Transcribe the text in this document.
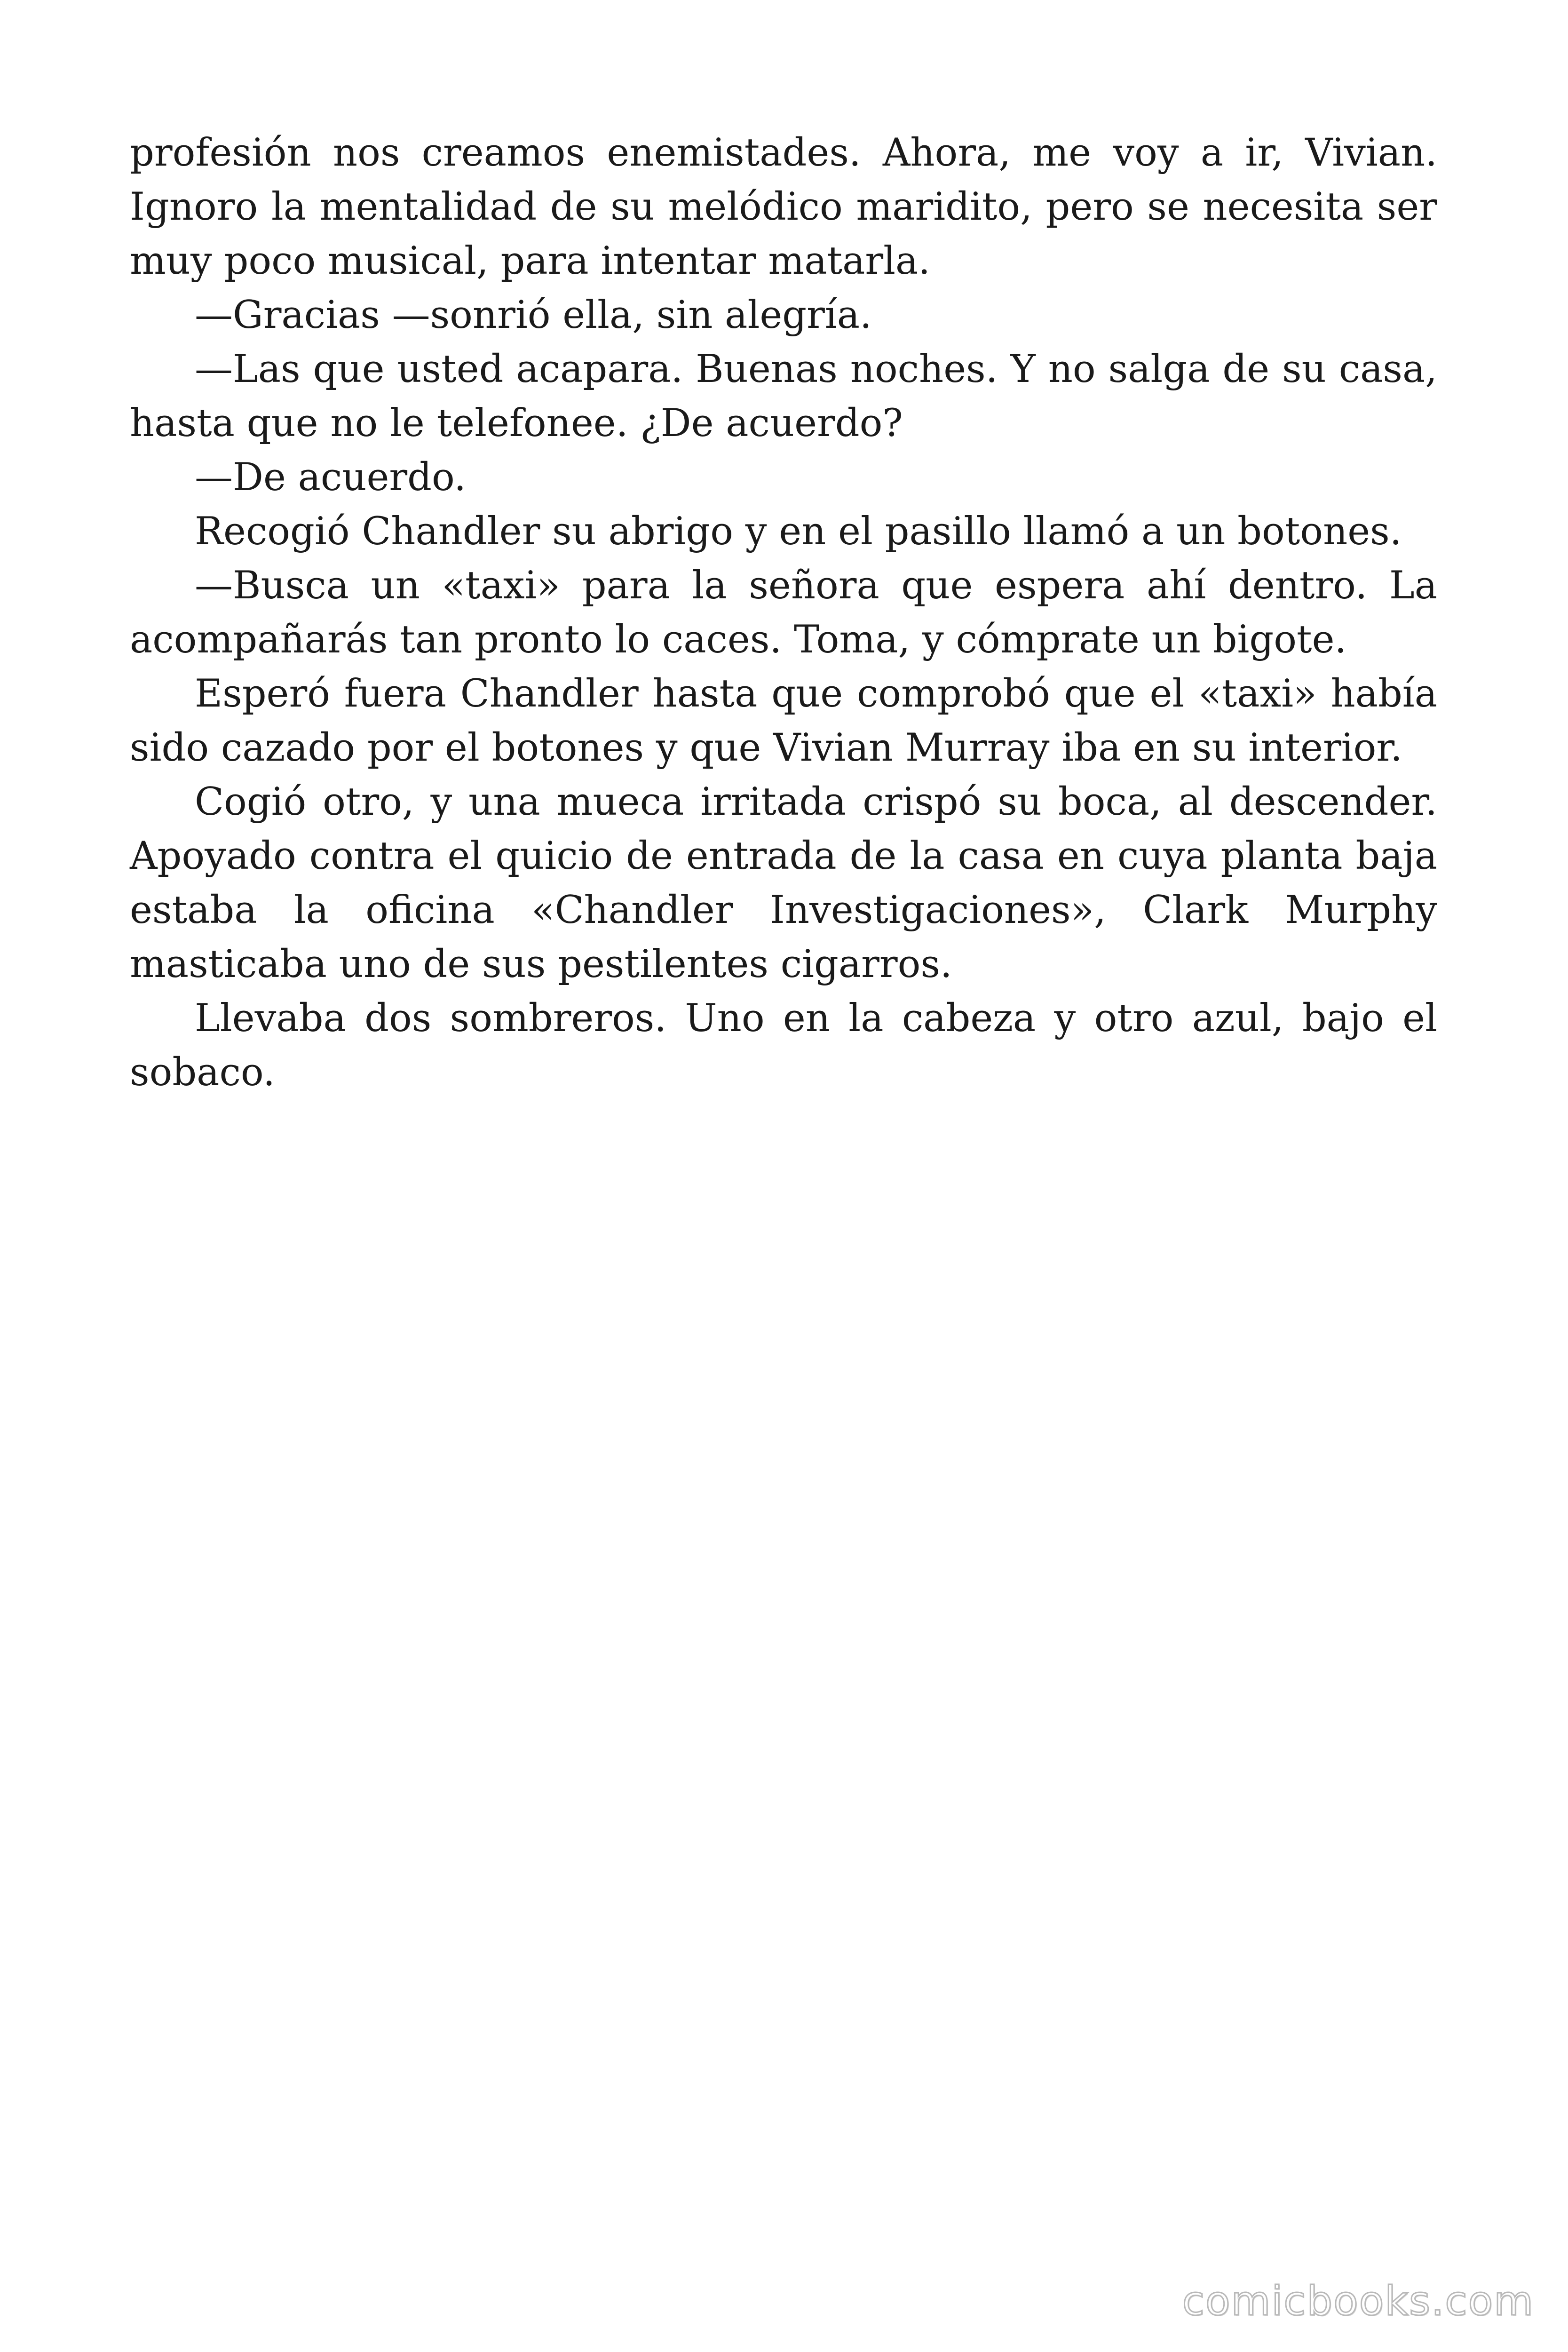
profesión nos creamos enemistades. Ahora, me voy a ir, Vivian. Ignoro la mentalidad de su melódico maridito, pero se necesita ser muy poco musical, para intentar matarla.

—Gracias —sonrió ella, sin alegría.

—Las que usted acapara. Buenas noches. Y no salga de su casa, hasta que no le telefonee. ¿De acuerdo?

—De acuerdo.

Recogió Chandler su abrigo y en el pasillo llamó a un botones.

—Busca un «taxi» para la señora que espera ahí dentro. La acompañarás tan pronto lo caces. Toma, y cómprate un bigote.

Esperó fuera Chandler hasta que comprobó que el «taxi» había sido cazado por el botones y que Vivian Murray iba en su interior.

Cogió otro, y una mueca irritada crispó su boca, al descender. Apoyado contra el quicio de entrada de la casa en cuya planta baja estaba la oficina «Chandler Investigaciones», Clark Murphy masticaba uno de sus pestilentes cigarros.

Llevaba dos sombreros. Uno en la cabeza y otro azul, bajo el sobaco.

comicbooks.com
